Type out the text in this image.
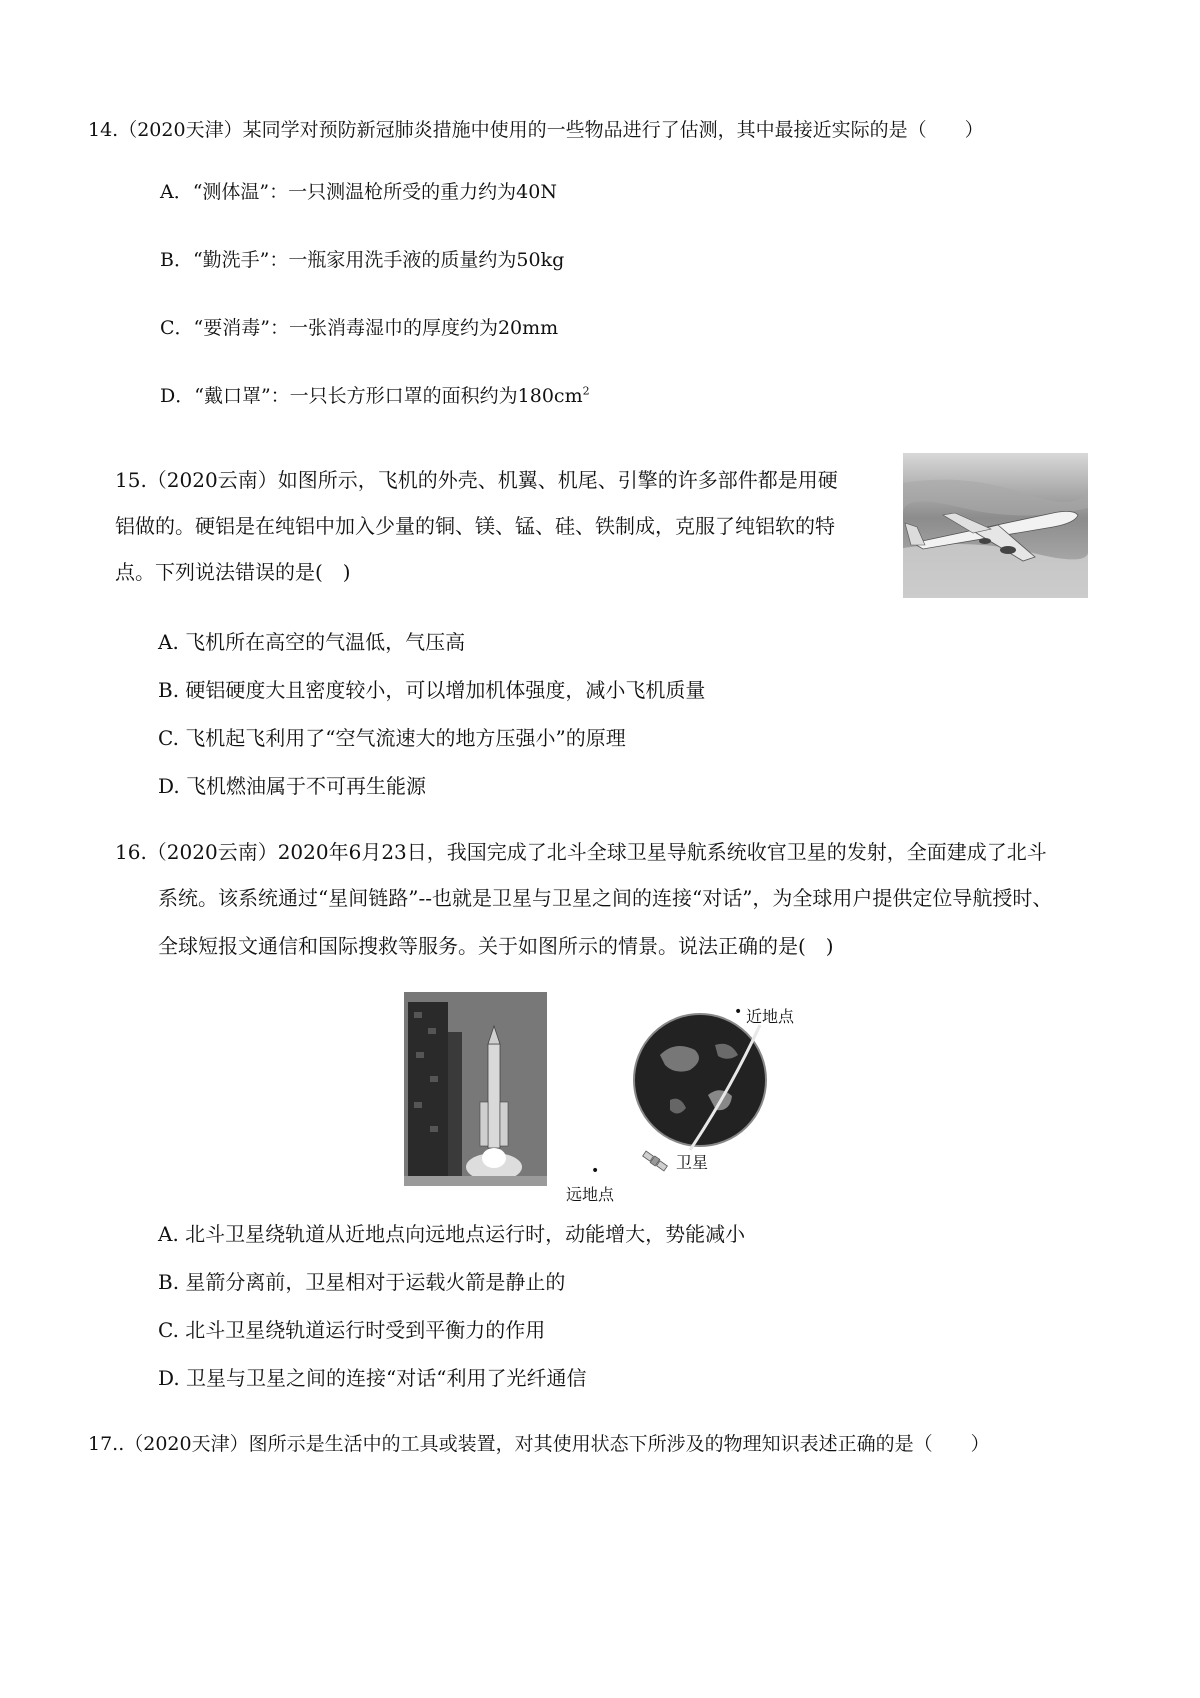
14.（2020天津）某同学对预防新冠肺炎措施中使用的一些物品进行了估测，其中最接近实际的是（　　）
A．“测体温”：一只测温枪所受的重力约为40N
B．“勤洗手”：一瓶家用洗手液的质量约为50kg
C．“要消毒”：一张消毒湿巾的厚度约为20mm
D．“戴口罩”：一只长方形口罩的面积约为$180cm^2$
15.（2020云南）如图所示，飞机的外壳、机翼、机尾、引擎的许多部件都是用硬
铝做的。硬铝是在纯铝中加入少量的铜、镁、锰、硅、铁制成，克服了纯铝软的特
点。下列说法错误的是(　)
A. 飞机所在高空的气温低，气压高
B. 硬铝硬度大且密度较小，可以增加机体强度，减小飞机质量
C. 飞机起飞利用了“空气流速大的地方压强小”的原理
D. 飞机燃油属于不可再生能源
16.（2020云南）2020年6月23日，我国完成了北斗全球卫星导航系统收官卫星的发射，全面建成了北斗
系统。该系统通过“星间链路”--也就是卫星与卫星之间的连接“对话”，为全球用户提供定位导航授时、
全球短报文通信和国际搜救等服务。关于如图所示的情景。说法正确的是(　)
• 近地点
卫星
•
远地点
A. 北斗卫星绕轨道从近地点向远地点运行时，动能增大，势能减小
B. 星箭分离前，卫星相对于运载火箭是静止的
C. 北斗卫星绕轨道运行时受到平衡力的作用
D. 卫星与卫星之间的连接“对话“利用了光纤通信
17..（2020天津）图所示是生活中的工具或装置，对其使用状态下所涉及的物理知识表述正确的是（　　）
